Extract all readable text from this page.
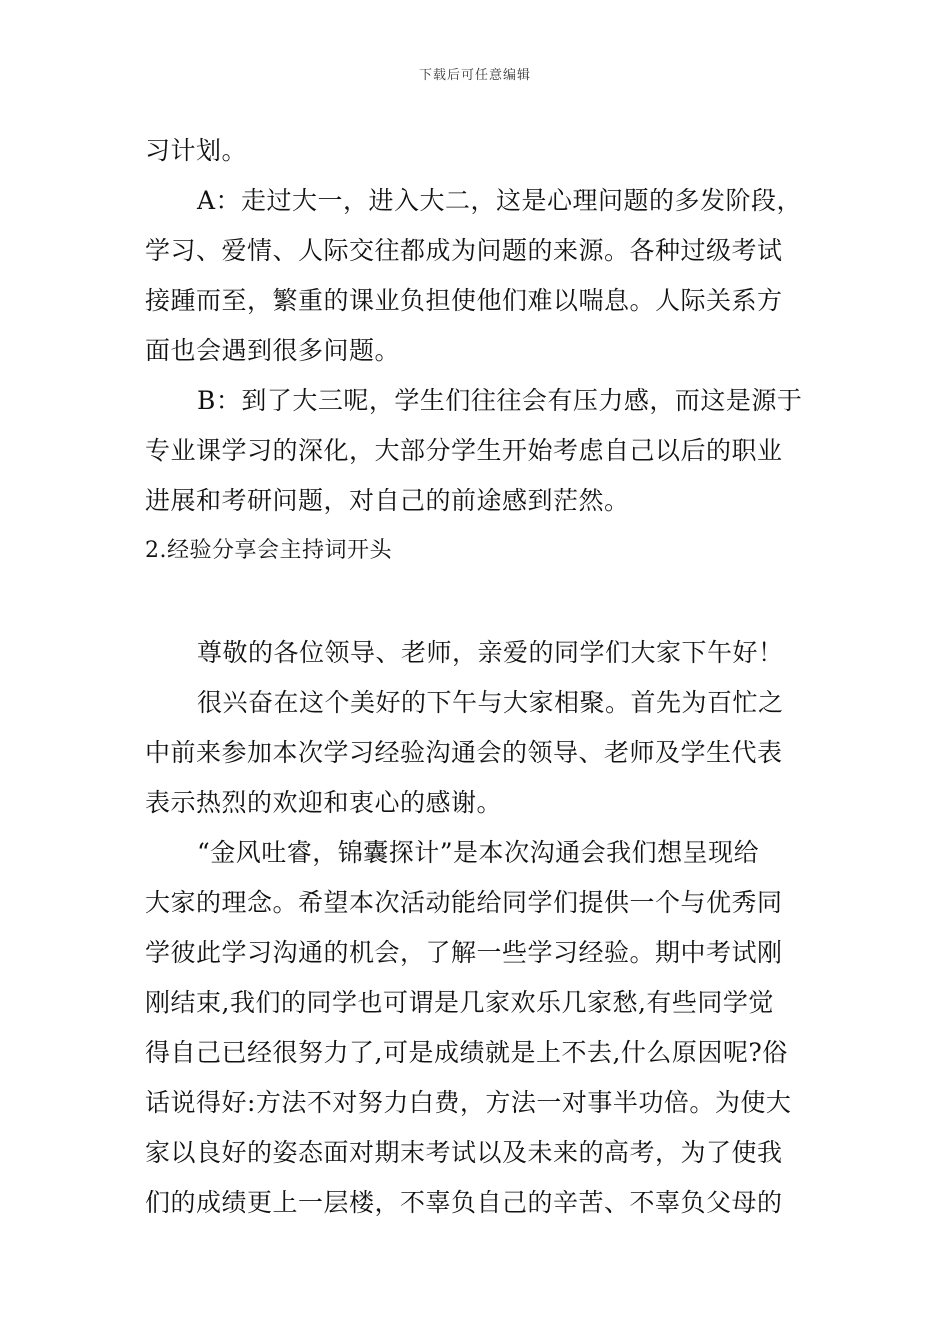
下载后可任意编辑
习计划。
A：走过大一，进入大二，这是心理问题的多发阶段，
学习、爱情、人际交往都成为问题的来源。各种过级考试
接踵而至，繁重的课业负担使他们难以喘息。人际关系方
面也会遇到很多问题。
B：到了大三呢，学生们往往会有压力感，而这是源于
专业课学习的深化，大部分学生开始考虑自己以后的职业
进展和考研问题，对自己的前途感到茫然。
2.经验分享会主持词开头
尊敬的各位领导、老师，亲爱的同学们大家下午好！
很兴奋在这个美好的下午与大家相聚。首先为百忙之
中前来参加本次学习经验沟通会的领导、老师及学生代表
表示热烈的欢迎和衷心的感谢。
“金风吐睿，锦囊探计”是本次沟通会我们想呈现给
大家的理念。希望本次活动能给同学们提供一个与优秀同
学彼此学习沟通的机会，了解一些学习经验。期中考试刚
刚结束,我们的同学也可谓是几家欢乐几家愁,有些同学觉
得自己已经很努力了,可是成绩就是上不去,什么原因呢?俗
话说得好:方法不对努力白费，方法一对事半功倍。为使大
家以良好的姿态面对期末考试以及未来的高考，为了使我
们的成绩更上一层楼，不辜负自己的辛苦、不辜负父母的
